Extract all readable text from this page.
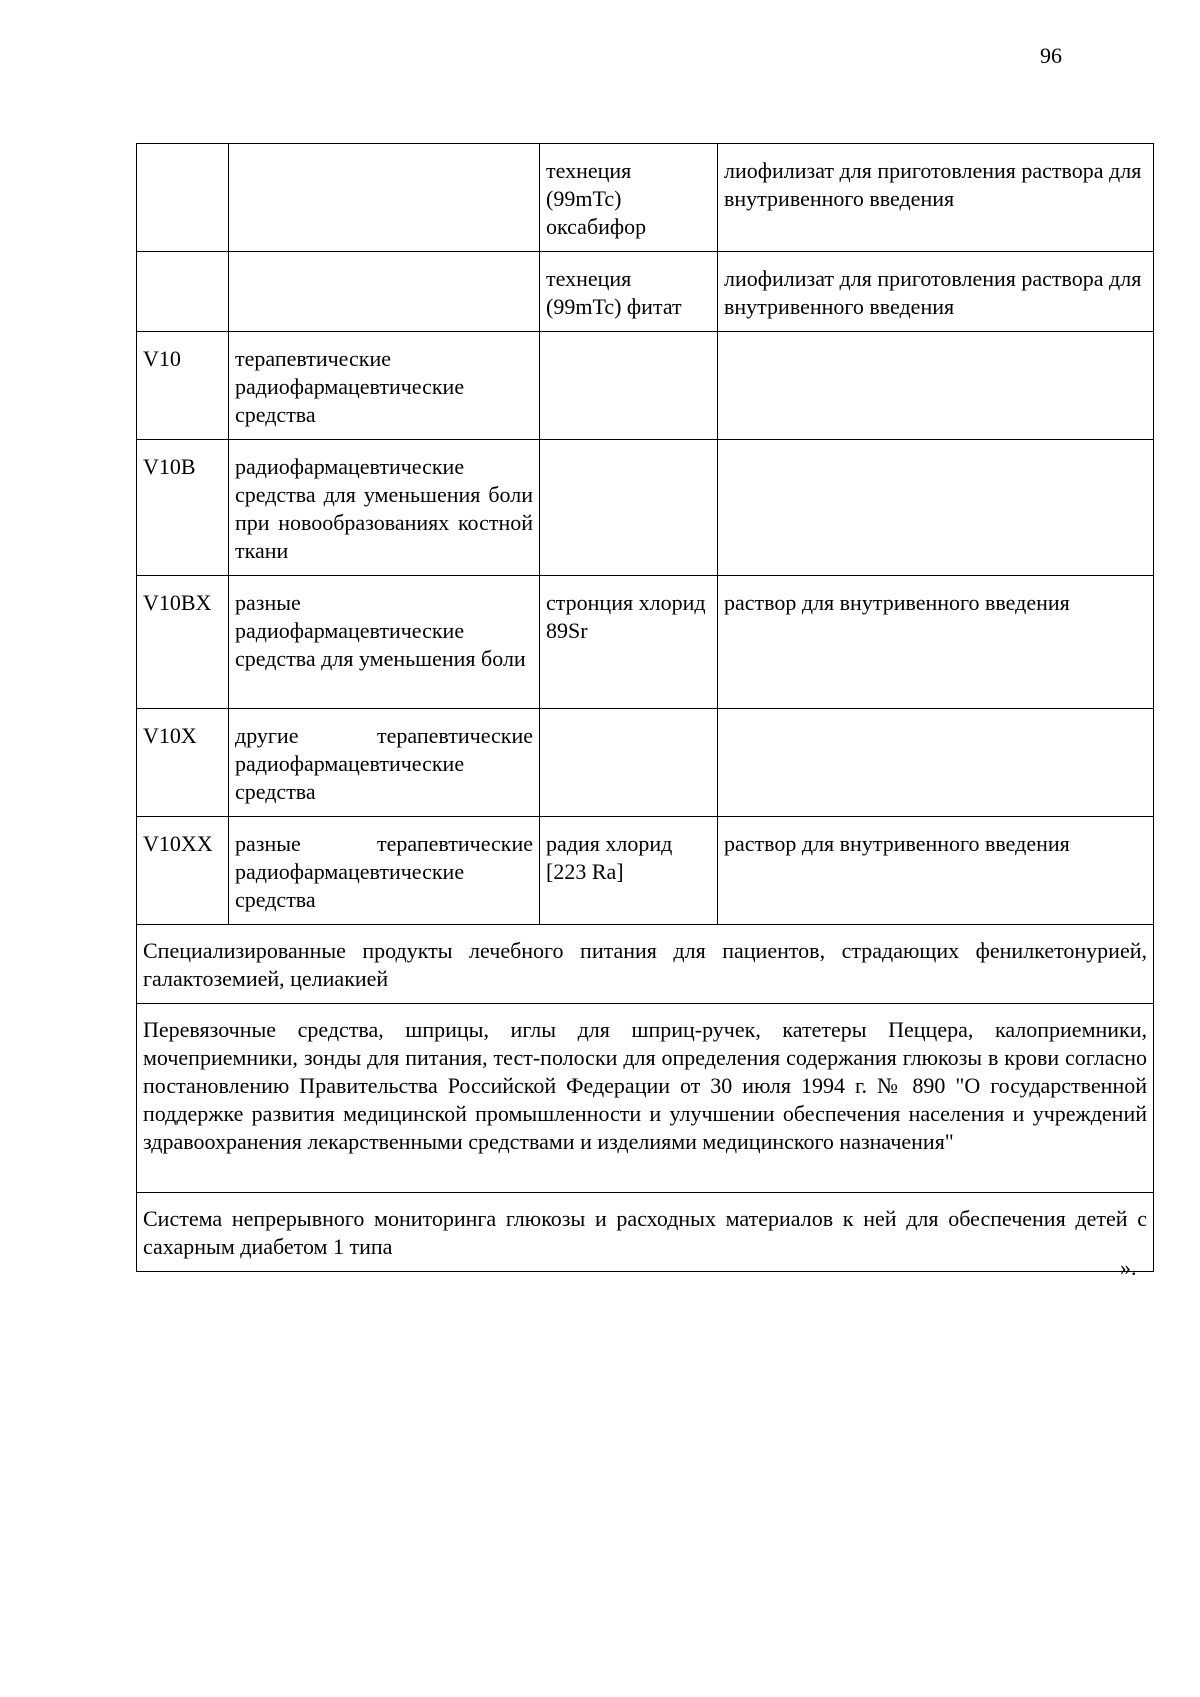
96
		технеция (99mTc) оксабифор	лиофилизат для приготовления раствора для внутривенного введения
		технеция (99mTc) фитат	лиофилизат для приготовления раствора для внутривенного введения
V10	терапевтические радиофармацевтические средства		
V10B	радиофармацевтические средства для уменьшения боли при новообразованиях костной ткани		
V10BX	разные радиофармацевтические средства для уменьшения боли	стронция хлорид 89Sr	раствор для внутривенного введения
V10X	другие терапевтические радиофармацевтические средства		
V10XX	разные терапевтические радиофармацевтические средства	радия хлорид [223 Ra]	раствор для внутривенного введения
Специализированные продукты лечебного питания для пациентов, страдающих фенилкетонурией, галактоземией, целиакией			
Перевязочные средства, шприцы, иглы для шприц-ручек, катетеры Пеццера, калоприемники, мочеприемники, зонды для питания, тест-полоски для определения содержания глюкозы в крови согласно постановлению Правительства Российской Федерации от 30 июля 1994 г. № 890 "О государственной поддержке развития медицинской промышленности и улучшении обеспечения населения и учреждений здравоохранения лекарственными средствами и изделиями медицинского назначения"			
Система непрерывного мониторинга глюкозы и расходных материалов к ней для обеспечения детей с сахарным диабетом 1 типа			
».
